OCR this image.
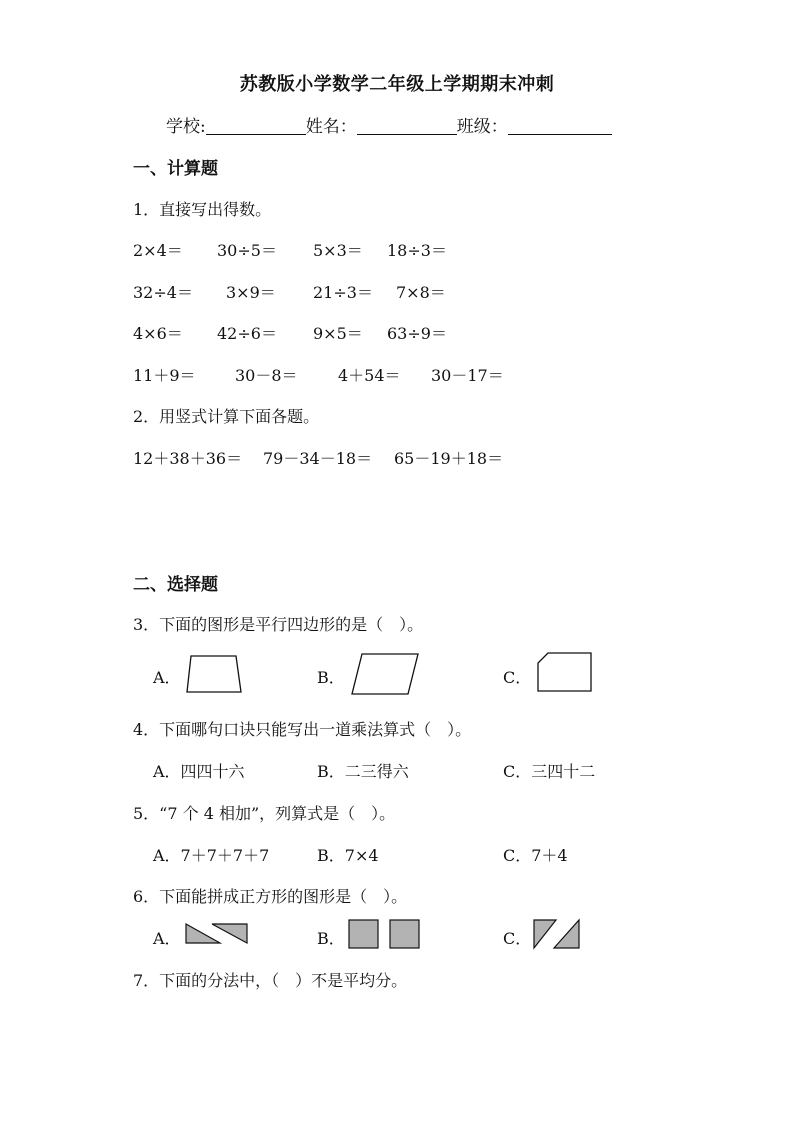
苏教版小学数学二年级上学期期末冲刺
学校:	姓名：	班级：
一、计算题
1．直接写出得数。
2×4＝ 30÷5＝ 5×3＝ 18÷3＝
32÷4＝ 3×9＝ 21÷3＝ 7×8＝
4×6＝ 42÷6＝ 9×5＝ 63÷9＝
11＋9＝ 30－8＝	4＋54＝ 30－17＝
2．用竖式计算下面各题。
12＋38＋36＝ 79－34－18＝ 65－19＋18＝
二、选择题
3．下面的图形是平行四边形的是（　）。
A．	B．	C．
4．下面哪句口诀只能写出一道乘法算式（　）。
A．四四十六	B．二三得六	C．三四十二
5．“7 个 4 相加”，列算式是（　）。
A．7＋7＋7＋7	B．7×4	C．7＋4
6．下面能拼成正方形的图形是（　）。
A．	B．	C．
7．下面的分法中，（　）不是平均分。
